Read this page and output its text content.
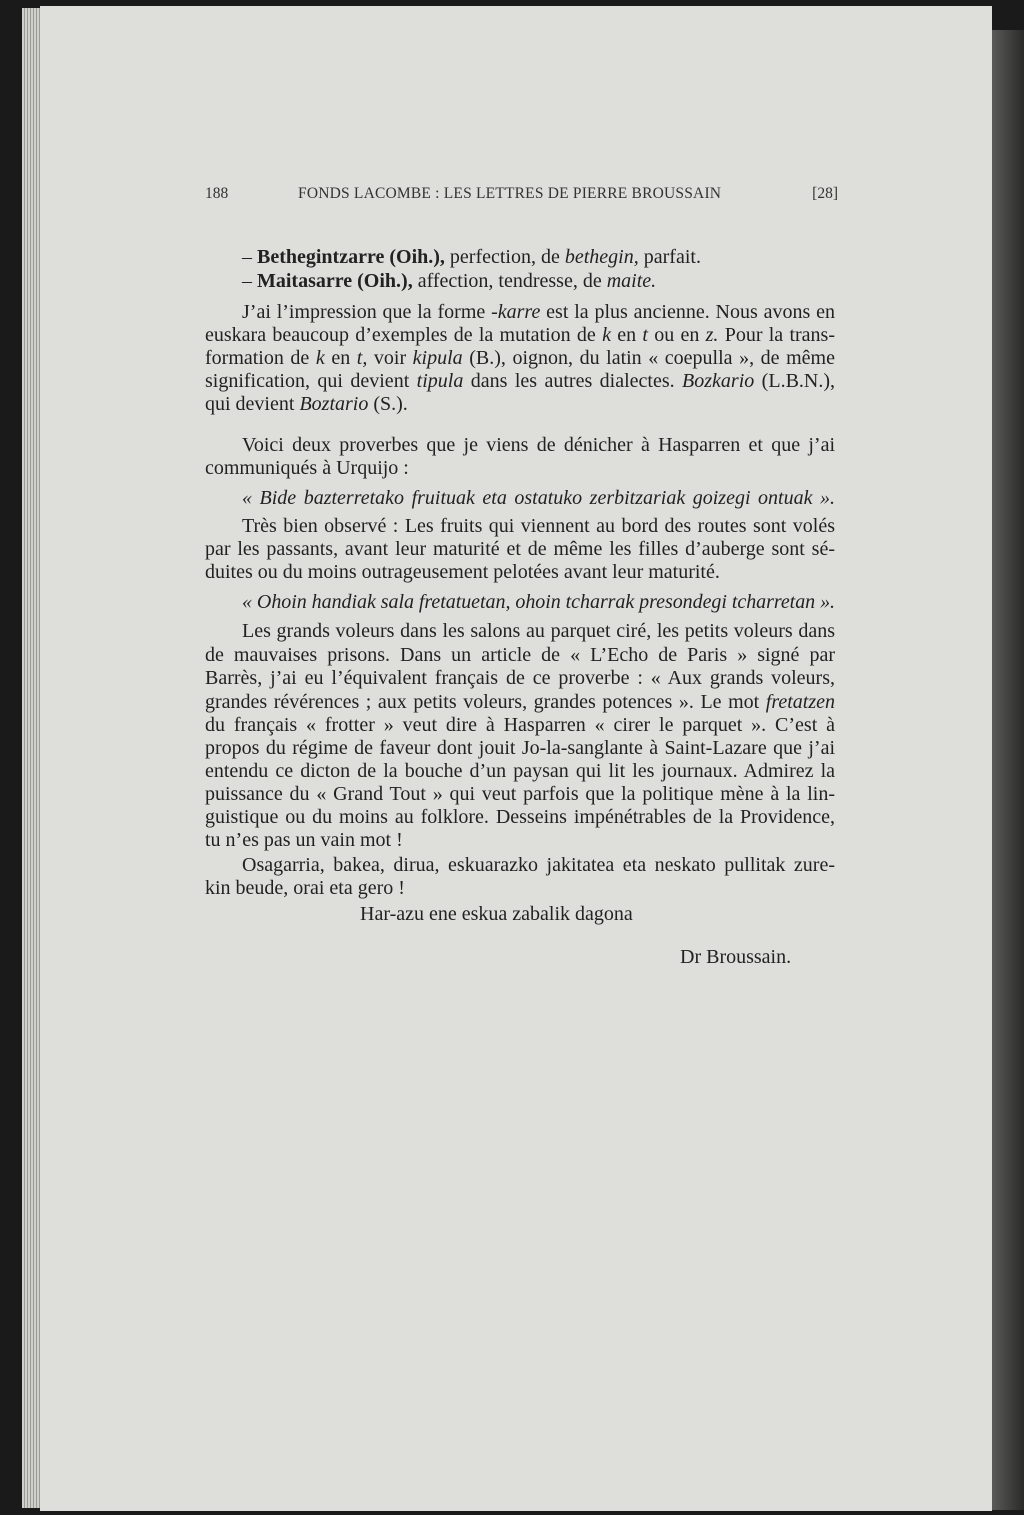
188	FONDS LACOMBE : LES LETTRES DE PIERRE BROUSSAIN	[28]
– Bethegintzarre (Oih.), perfection, de bethegin, parfait.
– Maitasarre (Oih.), affection, tendresse, de maite.
J’ai l’impression que la forme -karre est la plus ancienne. Nous avons en
euskara beaucoup d’exemples de la mutation de k en t ou en z. Pour la trans-
formation de k en t, voir kipula (B.), oignon, du latin « coepulla », de même
signification, qui devient tipula dans les autres dialectes. Bozkario (L.B.N.),
qui devient Boztario (S.).
Voici deux proverbes que je viens de dénicher à Hasparren et que j’ai
communiqués à Urquijo :
« Bide bazterretako fruituak eta ostatuko zerbitzariak goizegi ontuak ».
Très bien observé : Les fruits qui viennent au bord des routes sont volés
par les passants, avant leur maturité et de même les filles d’auberge sont sé-
duites ou du moins outrageusement pelotées avant leur maturité.
« Ohoin handiak sala fretatuetan, ohoin tcharrak presondegi tcharretan ».
Les grands voleurs dans les salons au parquet ciré, les petits voleurs dans
de mauvaises prisons. Dans un article de « L’Echo de Paris » signé par
Barrès, j’ai eu l’équivalent français de ce proverbe : « Aux grands voleurs,
grandes révérences ; aux petits voleurs, grandes potences ». Le mot fretatzen
du français « frotter » veut dire à Hasparren « cirer le parquet ». C’est à
propos du régime de faveur dont jouit Jo-la-sanglante à Saint-Lazare que j’ai
entendu ce dicton de la bouche d’un paysan qui lit les journaux. Admirez la
puissance du « Grand Tout » qui veut parfois que la politique mène à la lin-
guistique ou du moins au folklore. Desseins impénétrables de la Providence,
tu n’es pas un vain mot !
Osagarria, bakea, dirua, eskuarazko jakitatea eta neskato pullitak zure-
kin beude, orai eta gero !
Har-azu ene eskua zabalik dagona
Dr Broussain.
